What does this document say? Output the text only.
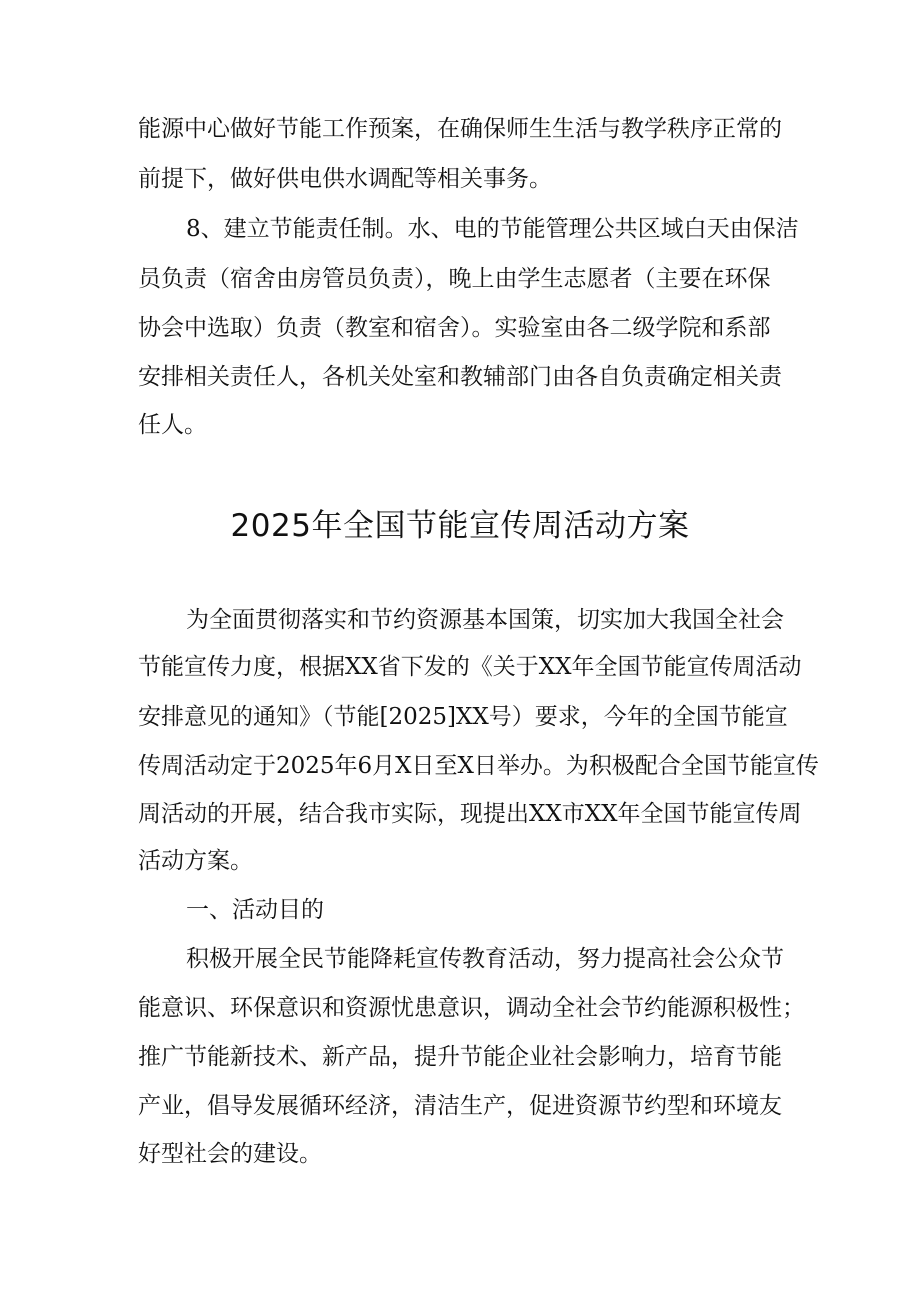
能源中心做好节能工作预案，在确保师生生活与教学秩序正常的
前提下，做好供电供水调配等相关事务。
8、建立节能责任制。水、电的节能管理公共区域白天由保洁
员负责（宿舍由房管员负责），晚上由学生志愿者（主要在环保
协会中选取）负责（教室和宿舍）。实验室由各二级学院和系部
安排相关责任人，各机关处室和教辅部门由各自负责确定相关责
任人。
2025年全国节能宣传周活动方案
为全面贯彻落实和节约资源基本国策，切实加大我国全社会
节能宣传力度，根据XX省下发的《关于XX年全国节能宣传周活动
安排意见的通知》（节能[2025]XX号）要求，今年的全国节能宣
传周活动定于2025年6月X日至X日举办。为积极配合全国节能宣传
周活动的开展，结合我市实际，现提出XX市XX年全国节能宣传周
活动方案。
一、活动目的
积极开展全民节能降耗宣传教育活动，努力提高社会公众节
能意识、环保意识和资源忧患意识，调动全社会节约能源积极性；
推广节能新技术、新产品，提升节能企业社会影响力，培育节能
产业，倡导发展循环经济，清洁生产，促进资源节约型和环境友
好型社会的建设。
